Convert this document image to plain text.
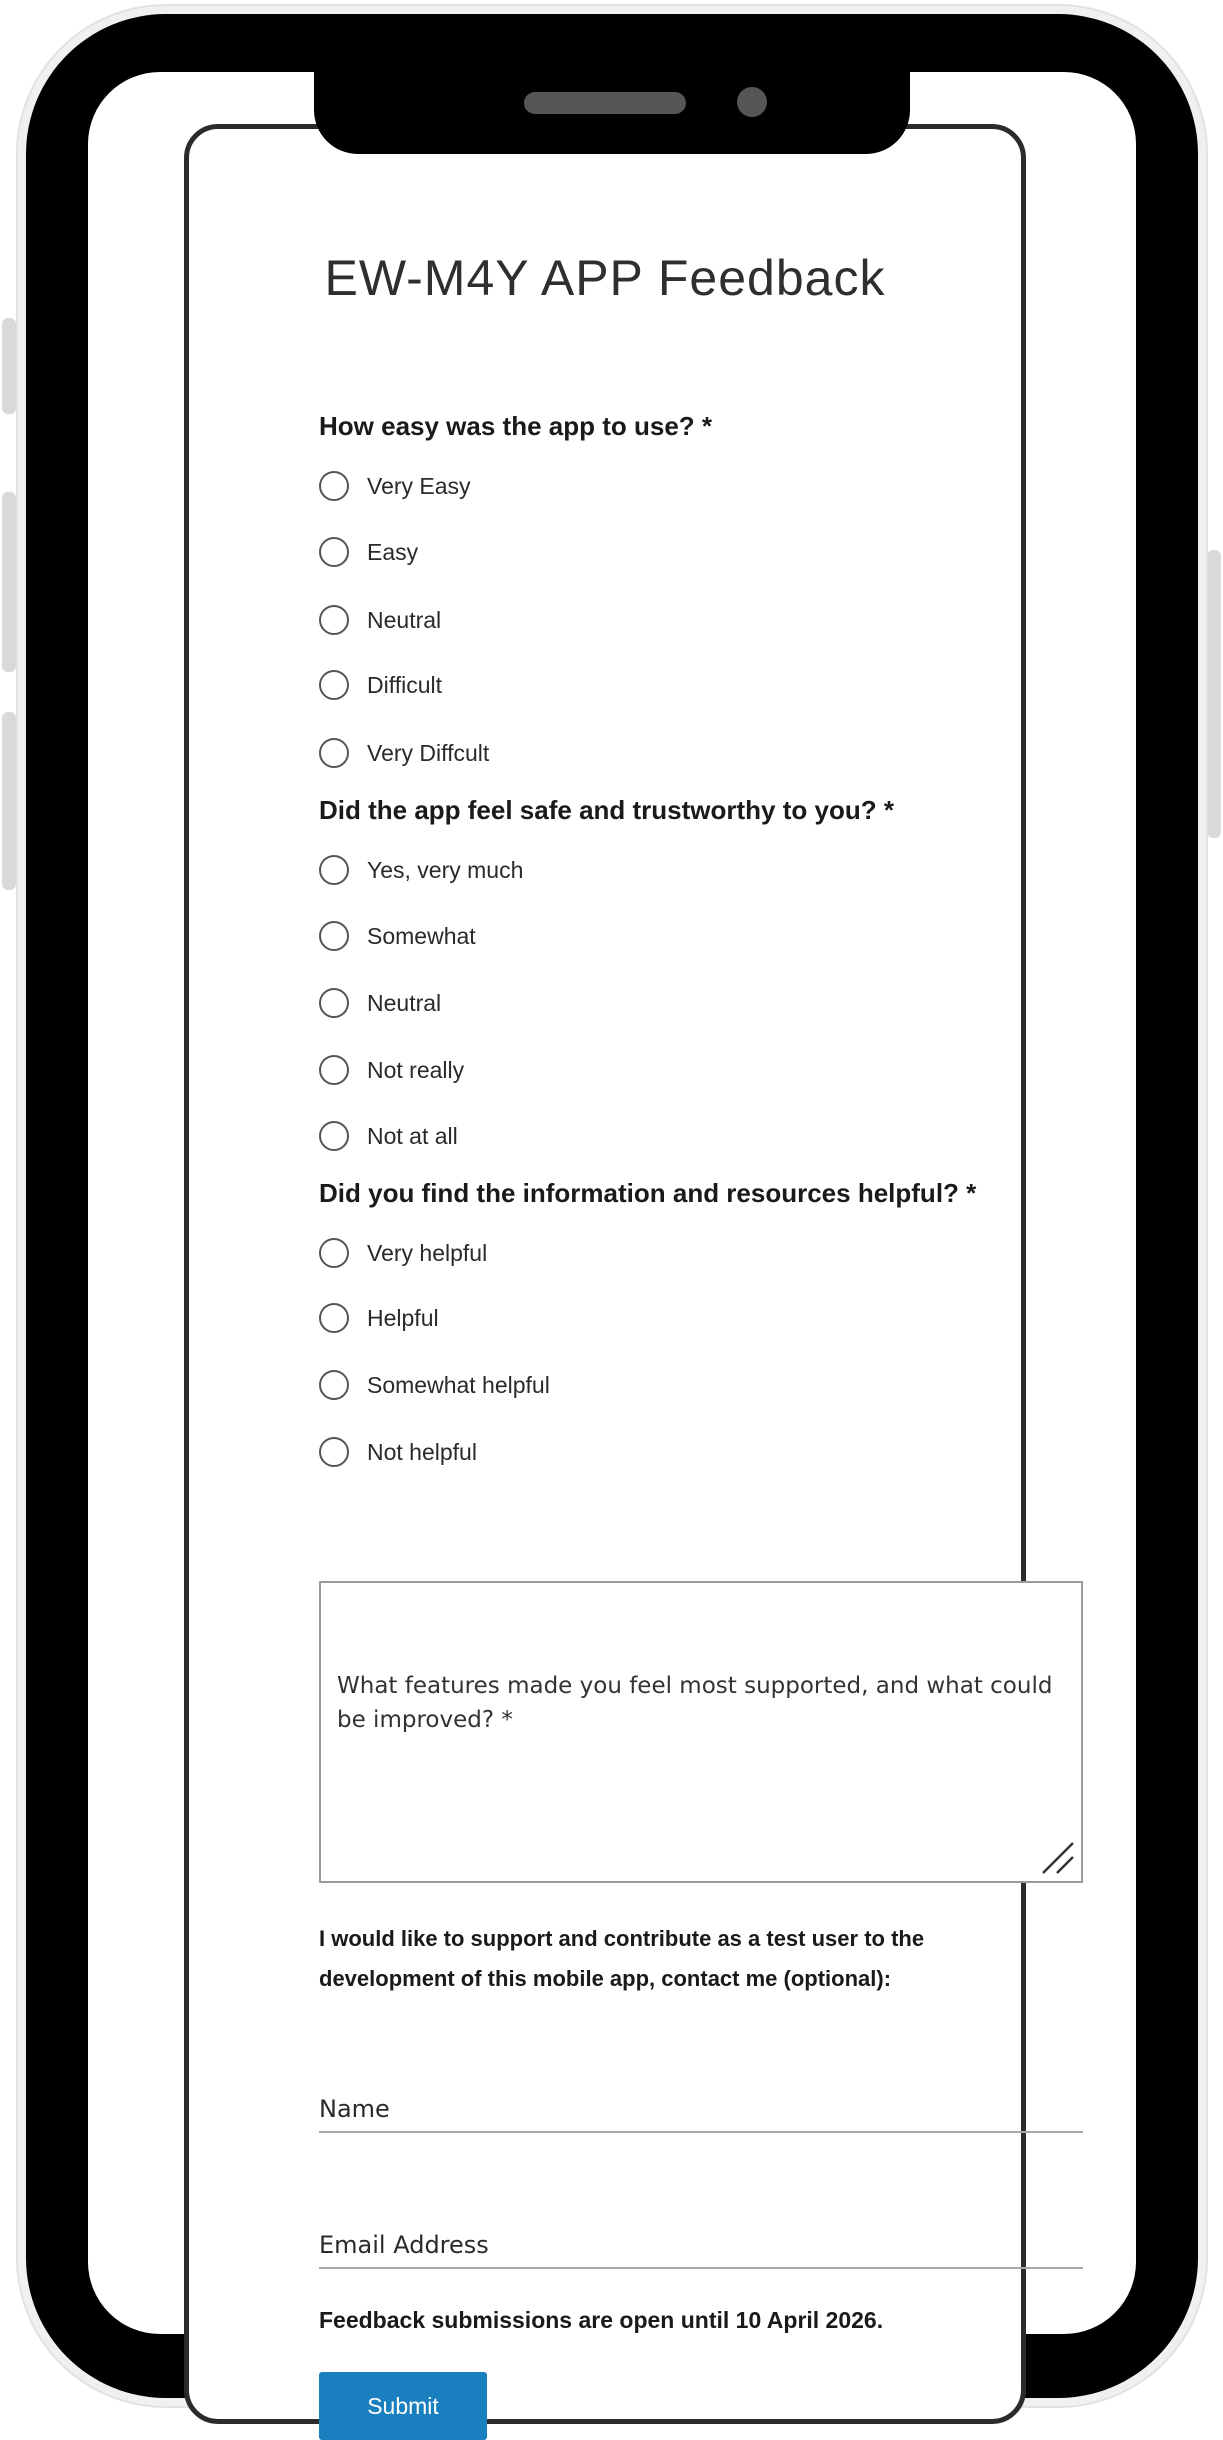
EW-M4Y APP Feedback
How easy was the app to use? *
Very Easy
Easy
Neutral
Difficult
Very Diffcult
Did the app feel safe and trustworthy to you? *
Yes, very much
Somewhat
Neutral
Not really
Not at all
Did you find the information and resources helpful? *
Very helpful
Helpful
Somewhat helpful
Not helpful
What features made you feel most supported, and what could be improved? *
I would like to support and contribute as a test user to the development of this mobile app, contact me (optional):
Name
Email Address
Feedback submissions are open until 10 April 2026.
Submit
